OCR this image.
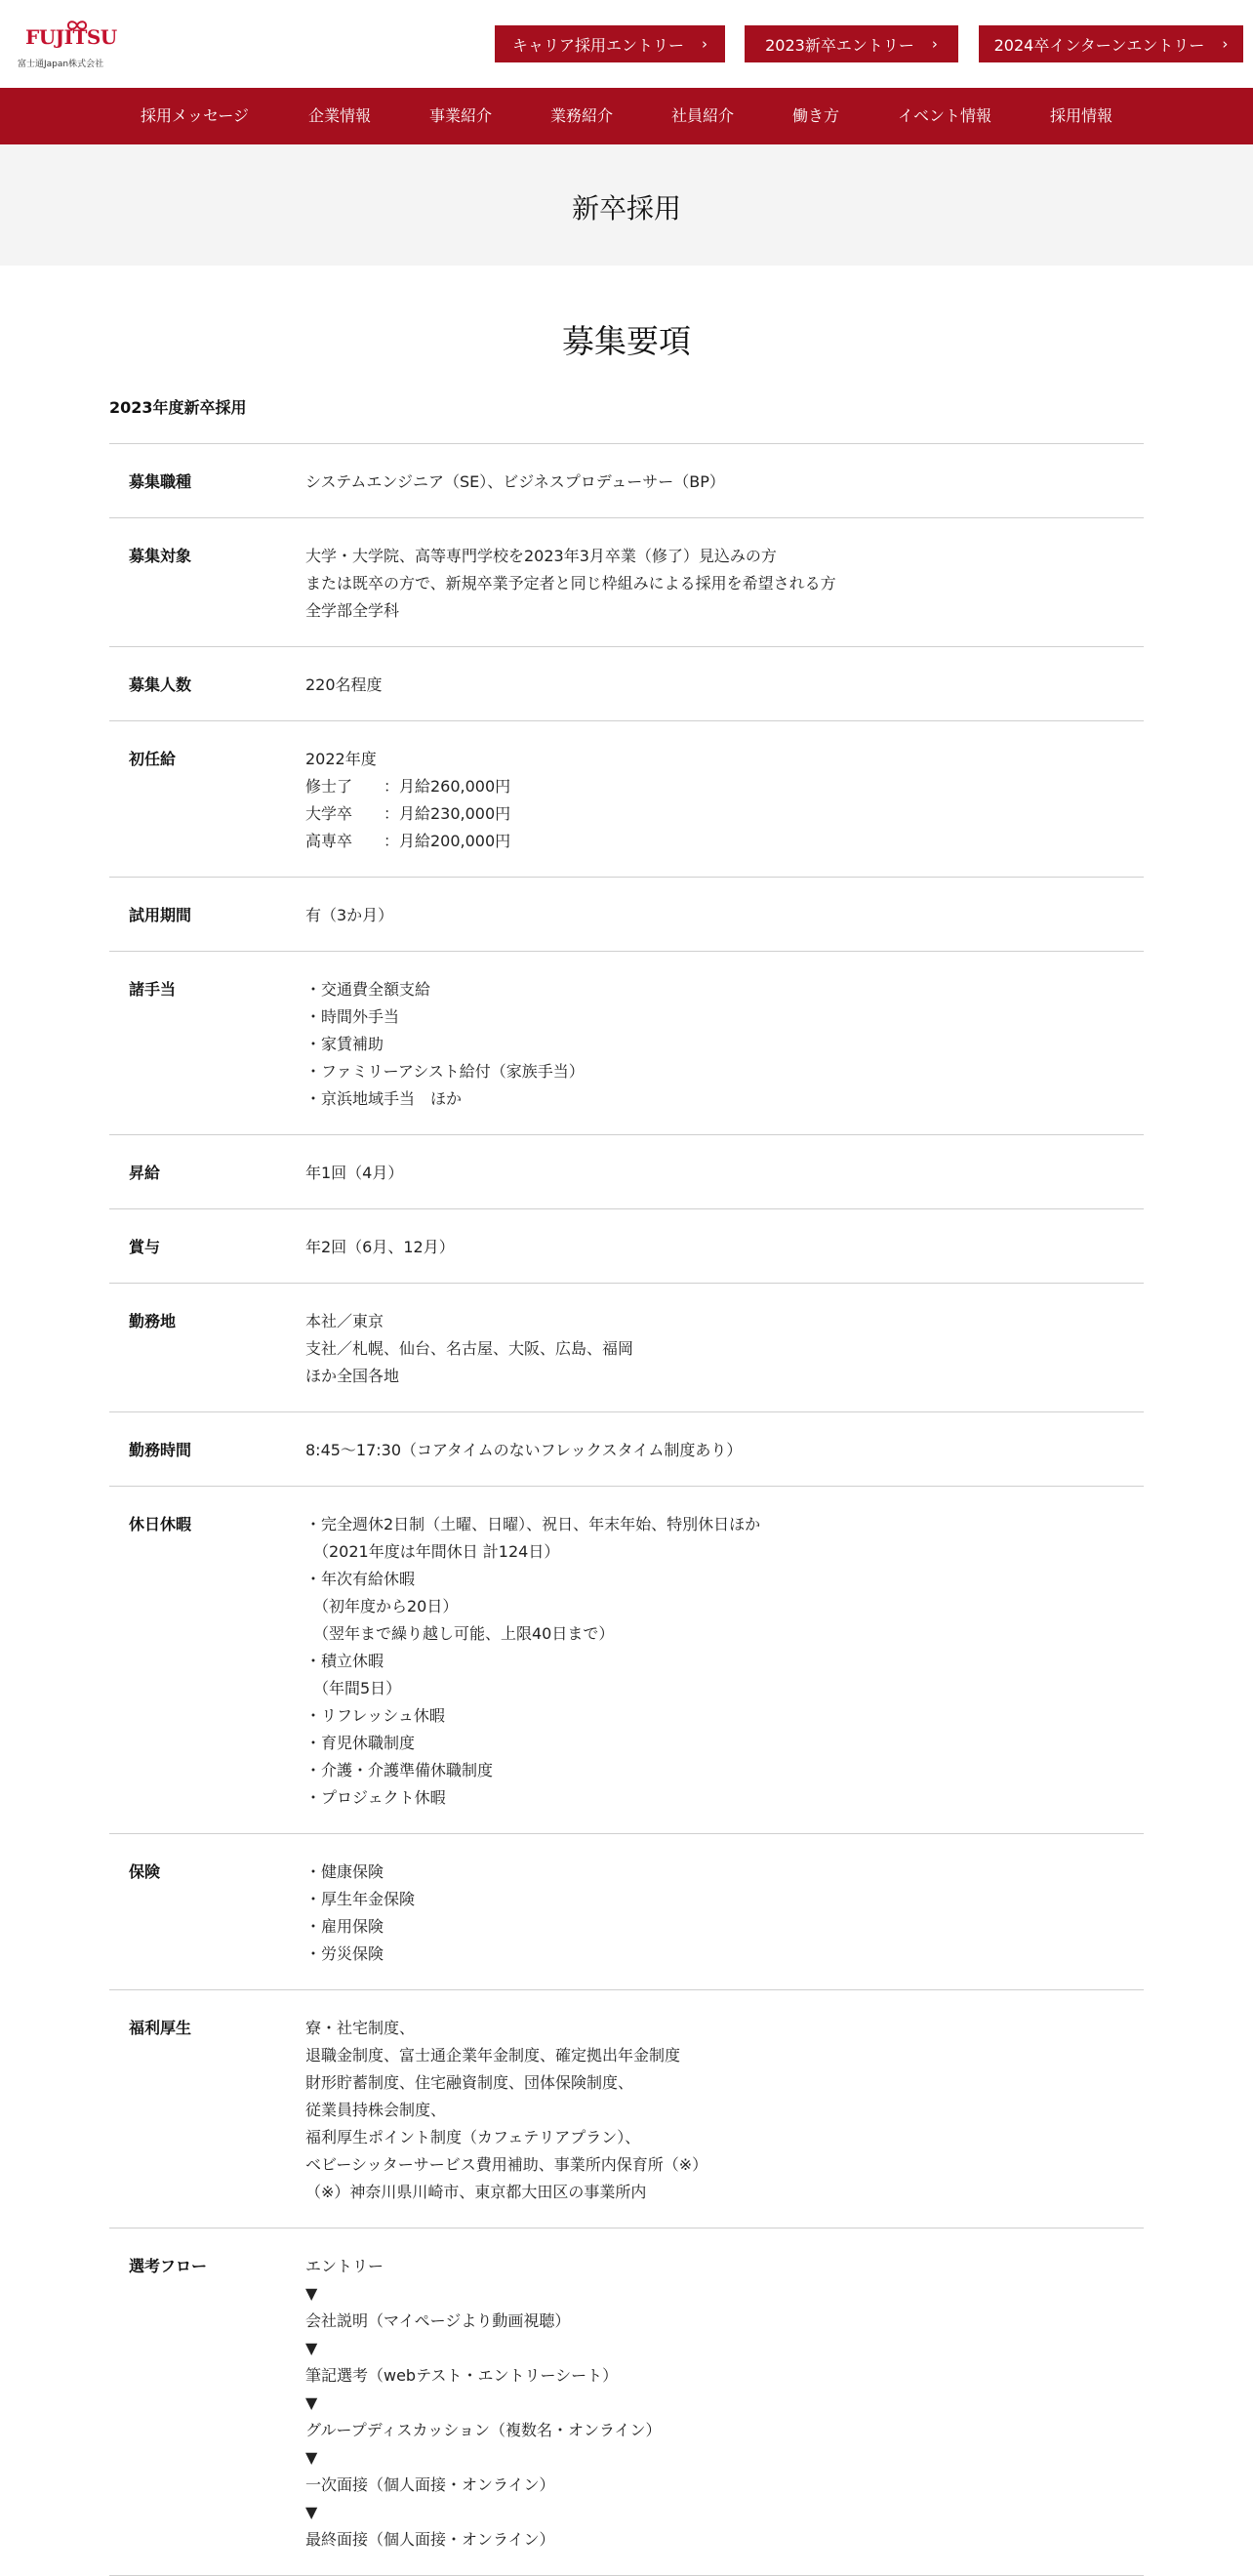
FUJITSU
富士通Japan株式会社
キャリア採用エントリー ›	2023新卒エントリー ›	2024卒インターンエントリー ›
採用メッセージ	企業情報	事業紹介	業務紹介	社員紹介	働き方	イベント情報	採用情報
新卒採用
募集要項
2023年度新卒採用
募集職種	システムエンジニア（SE）、ビジネスプロデューサー（BP）
募集対象	大学・大学院、高等専門学校を2023年3月卒業（修了）見込みの方
または既卒の方で、新規卒業予定者と同じ枠組みによる採用を希望される方
全学部全学科
募集人数	220名程度
初任給	2022年度
修士了　　：月給260,000円
大学卒　　：月給230,000円
高専卒　　：月給200,000円
試用期間	有（3か月）
諸手当	・交通費全額支給
・時間外手当
・家賃補助
・ファミリーアシスト給付（家族手当）
・京浜地域手当　ほか
昇給	年1回（4月）
賞与	年2回（6月、12月）
勤務地	本社／東京
支社／札幌、仙台、名古屋、大阪、広島、福岡
ほか全国各地
勤務時間	8:45～17:30（コアタイムのないフレックスタイム制度あり）
休日休暇	・完全週休2日制（土曜、日曜）、祝日、年末年始、特別休日ほか
　（2021年度は年間休日 計124日）
・年次有給休暇
　（初年度から20日）
　（翌年まで繰り越し可能、上限40日まで）
・積立休暇
　（年間5日）
・リフレッシュ休暇
・育児休職制度
・介護・介護準備休職制度
・プロジェクト休暇
保険	・健康保険
・厚生年金保険
・雇用保険
・労災保険
福利厚生	寮・社宅制度、
退職金制度、富士通企業年金制度、確定拠出年金制度
財形貯蓄制度、住宅融資制度、団体保険制度、
従業員持株会制度、
福利厚生ポイント制度（カフェテリアプラン）、
ベビーシッターサービス費用補助、事業所内保育所（※）
（※）神奈川県川崎市、東京都大田区の事業所内
選考フロー	エントリー
▼
会社説明（マイページより動画視聴）
▼
筆記選考（webテスト・エントリーシート）
▼
グループディスカッション（複数名・オンライン）
▼
一次面接（個人面接・オンライン）
▼
最終面接（個人面接・オンライン）
